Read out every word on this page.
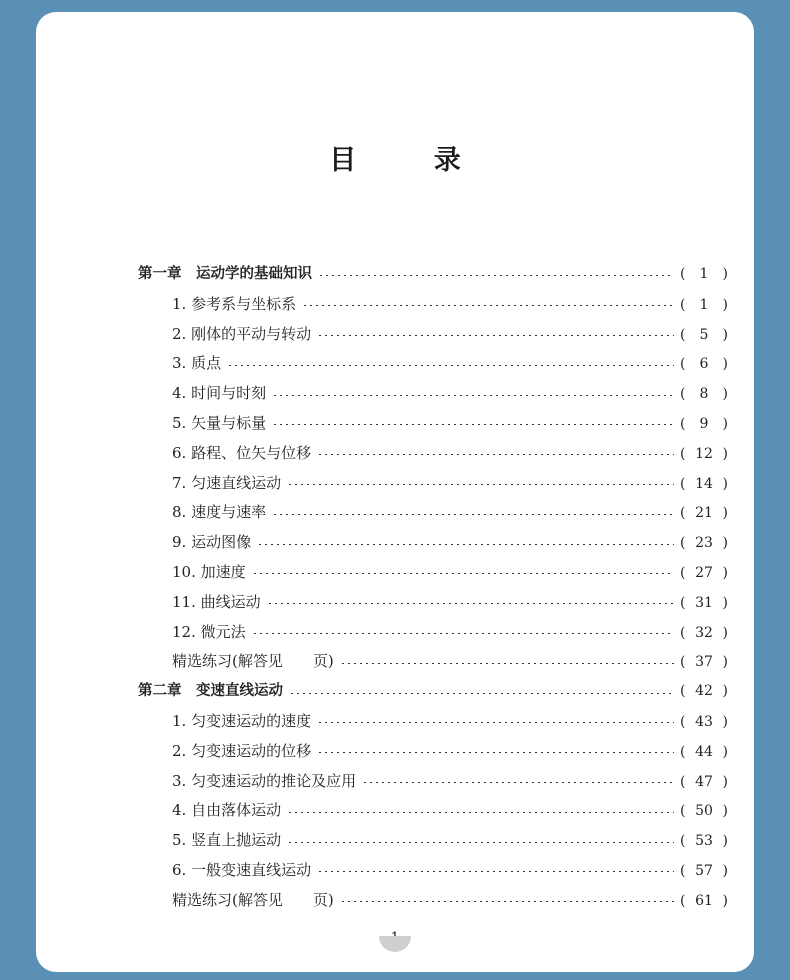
目 录
第一章　运动学的基础知识	(	1	)
1. 参考系与坐标系	(	1	)
2. 刚体的平动与转动	(	5	)
3. 质点	(	6	)
4. 时间与时刻	(	8	)
5. 矢量与标量	(	9	)
6. 路程、位矢与位移	( 12 )
7. 匀速直线运动	( 14 )
8. 速度与速率	( 21 )
9. 运动图像	( 23 )
10. 加速度	( 27 )
11. 曲线运动	( 31 )
12. 微元法	( 32 )
精选练习(解答见　　页)	( 37 )
第二章　变速直线运动	( 42 )
1. 匀变速运动的速度	( 43 )
2. 匀变速运动的位移	( 44 )
3. 匀变速运动的推论及应用	( 47 )
4. 自由落体运动	( 50 )
5. 竖直上抛运动	( 53 )
6. 一般变速直线运动	( 57 )
精选练习(解答见　　页)	( 61 )
